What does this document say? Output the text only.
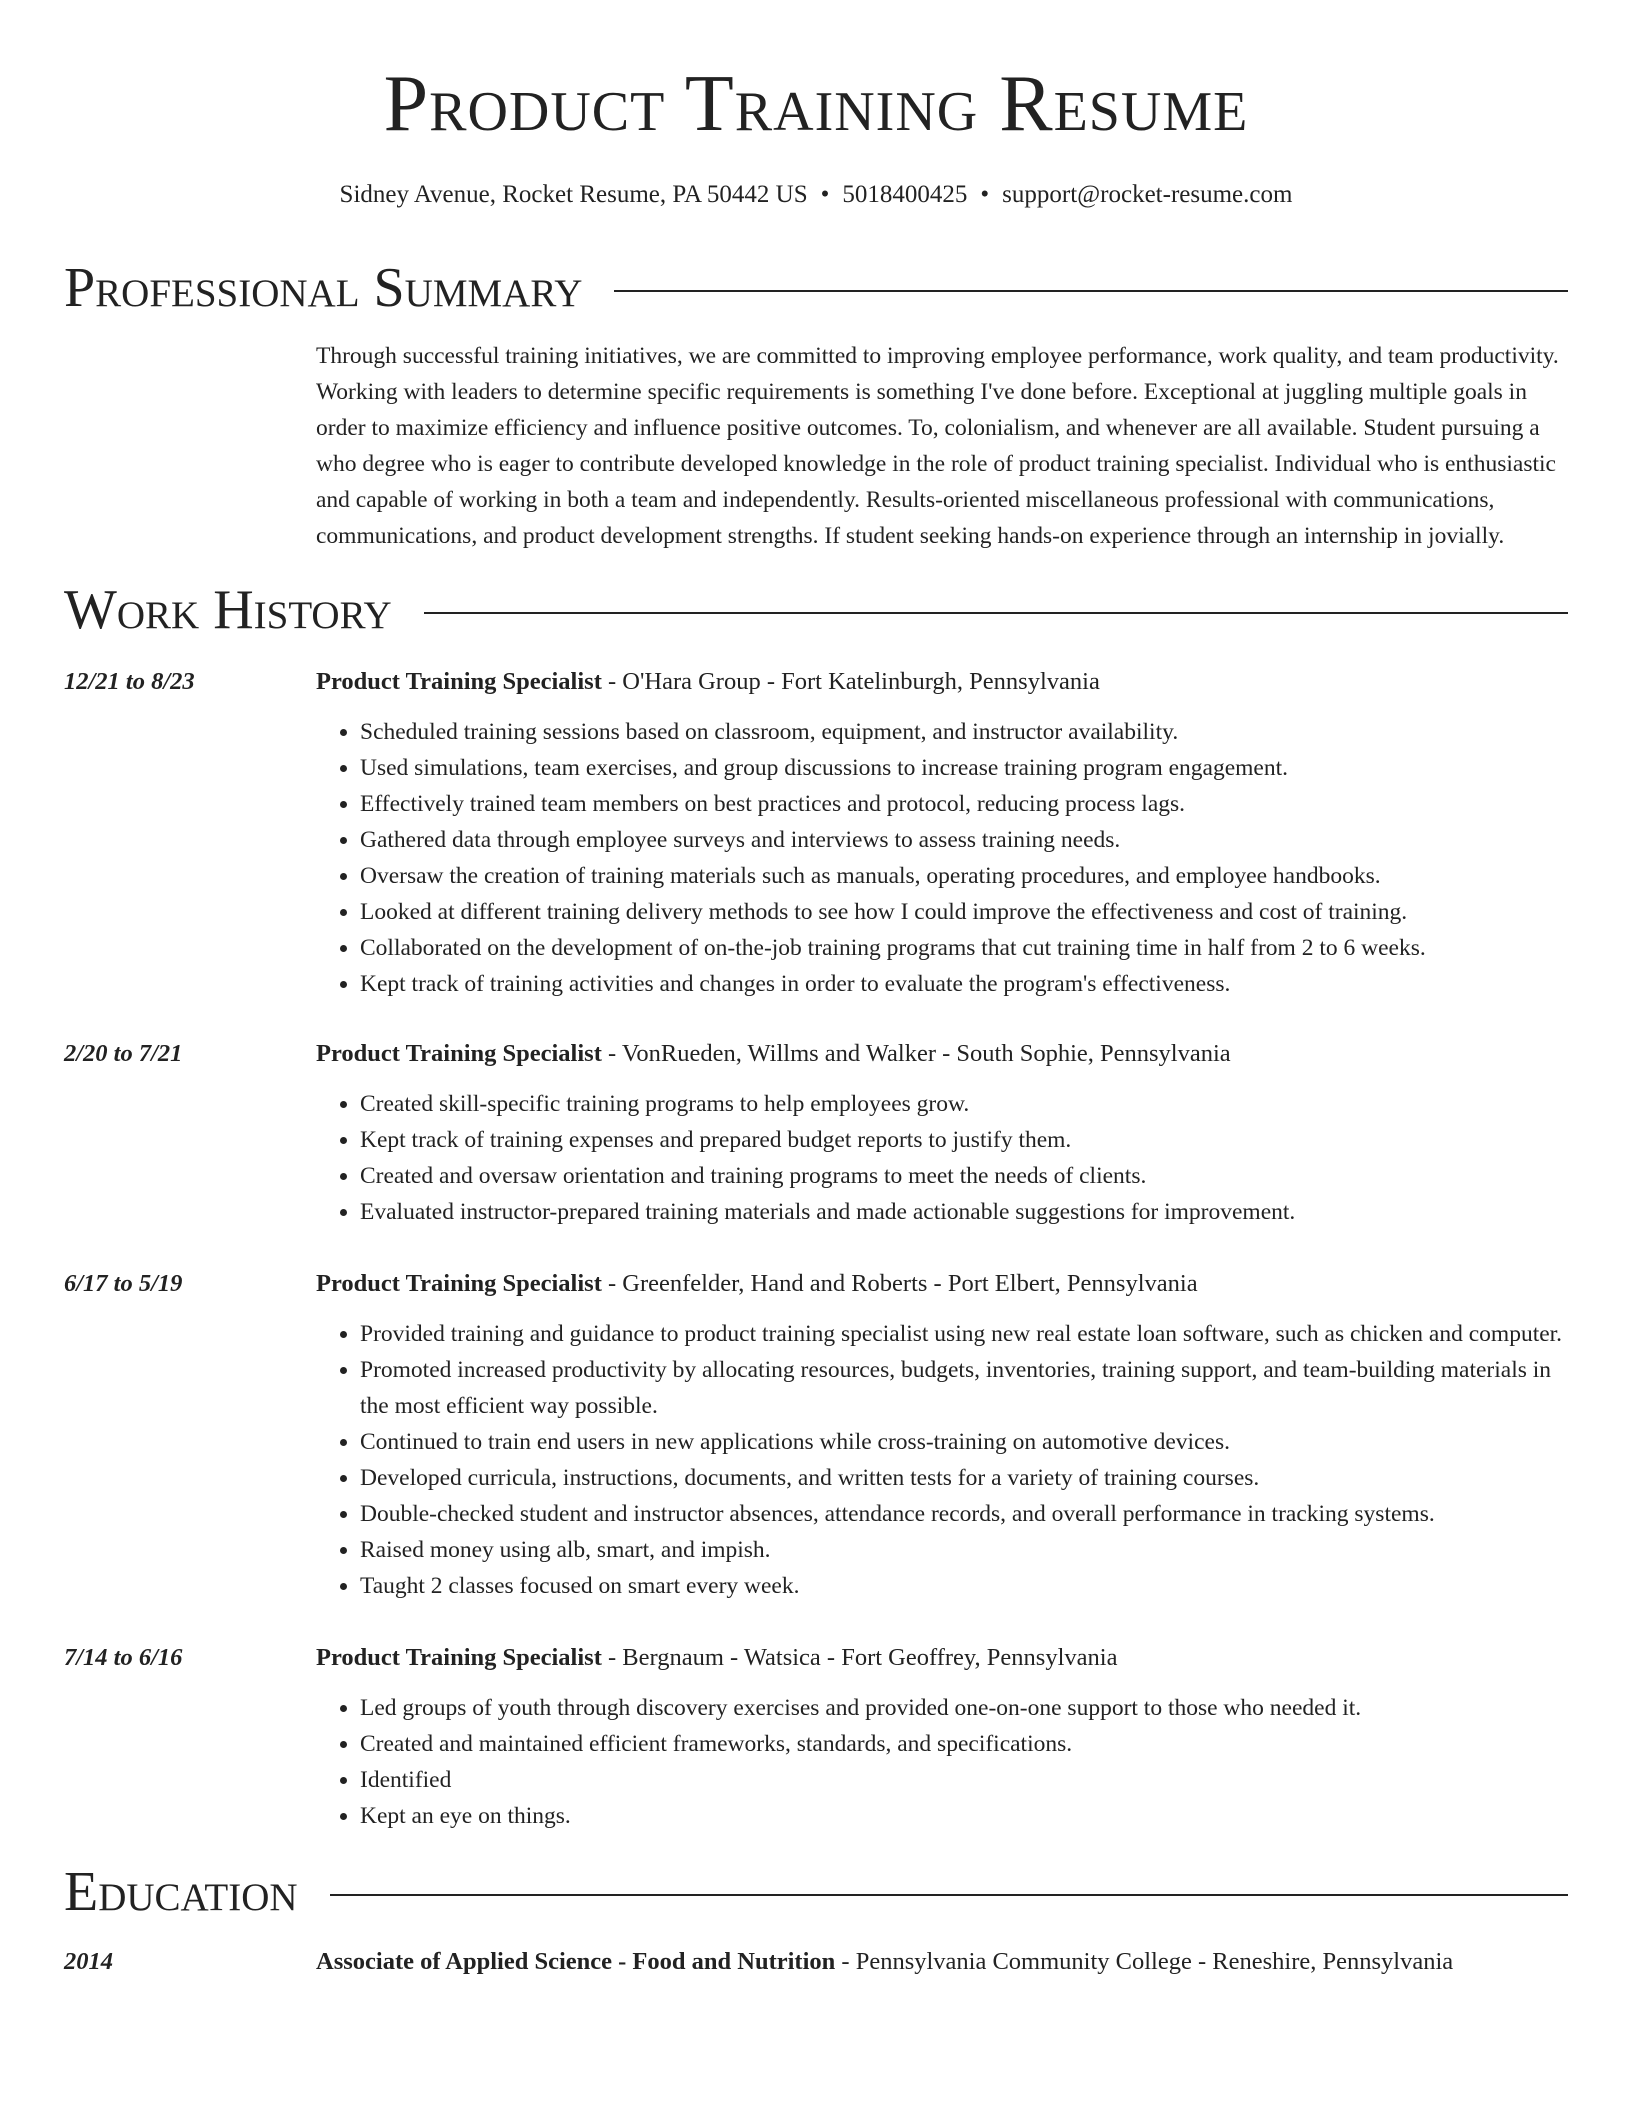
Product Training Resume
Sidney Avenue, Rocket Resume, PA 50442 US • 5018400425 • support@rocket-resume.com
Professional Summary
Through successful training initiatives, we are committed to improving employee performance, work quality, and team productivity. Working with leaders to determine specific requirements is something I've done before. Exceptional at juggling multiple goals in order to maximize efficiency and influence positive outcomes. To, colonialism, and whenever are all available. Student pursuing a who degree who is eager to contribute developed knowledge in the role of product training specialist. Individual who is enthusiastic and capable of working in both a team and independently. Results-oriented miscellaneous professional with communications, communications, and product development strengths. If student seeking hands-on experience through an internship in jovially.
Work History
12/21 to 8/23	Product Training Specialist - O'Hara Group - Fort Katelinburgh, Pennsylvania
• Scheduled training sessions based on classroom, equipment, and instructor availability.
• Used simulations, team exercises, and group discussions to increase training program engagement.
• Effectively trained team members on best practices and protocol, reducing process lags.
• Gathered data through employee surveys and interviews to assess training needs.
• Oversaw the creation of training materials such as manuals, operating procedures, and employee handbooks.
• Looked at different training delivery methods to see how I could improve the effectiveness and cost of training.
• Collaborated on the development of on-the-job training programs that cut training time in half from 2 to 6 weeks.
• Kept track of training activities and changes in order to evaluate the program's effectiveness.
2/20 to 7/21	Product Training Specialist - VonRueden, Willms and Walker - South Sophie, Pennsylvania
• Created skill-specific training programs to help employees grow.
• Kept track of training expenses and prepared budget reports to justify them.
• Created and oversaw orientation and training programs to meet the needs of clients.
• Evaluated instructor-prepared training materials and made actionable suggestions for improvement.
6/17 to 5/19	Product Training Specialist - Greenfelder, Hand and Roberts - Port Elbert, Pennsylvania
• Provided training and guidance to product training specialist using new real estate loan software, such as chicken and computer.
• Promoted increased productivity by allocating resources, budgets, inventories, training support, and team-building materials in the most efficient way possible.
• Continued to train end users in new applications while cross-training on automotive devices.
• Developed curricula, instructions, documents, and written tests for a variety of training courses.
• Double-checked student and instructor absences, attendance records, and overall performance in tracking systems.
• Raised money using alb, smart, and impish.
• Taught 2 classes focused on smart every week.
7/14 to 6/16	Product Training Specialist - Bergnaum - Watsica - Fort Geoffrey, Pennsylvania
• Led groups of youth through discovery exercises and provided one-on-one support to those who needed it.
• Created and maintained efficient frameworks, standards, and specifications.
• Identified
• Kept an eye on things.
Education
2014	Associate of Applied Science - Food and Nutrition - Pennsylvania Community College - Reneshire, Pennsylvania
